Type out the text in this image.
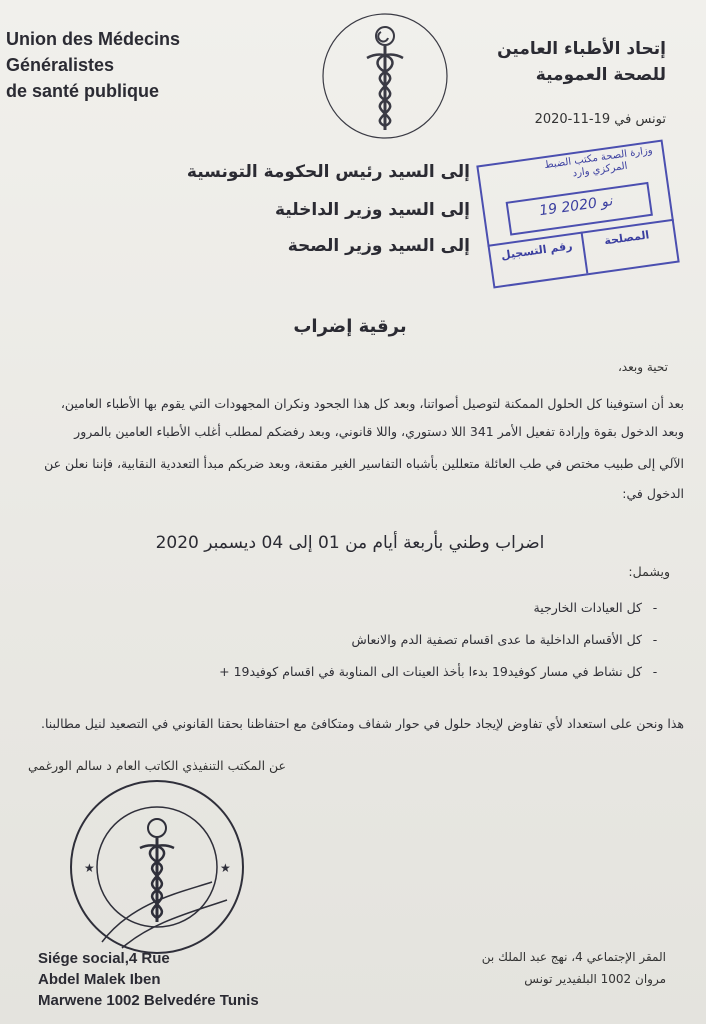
Union des Médecins
Généralistes
de santé publique
إتحاد الأطباء العامين
للصحة العمومية
تونس في 19-11-2020
إلى السيد رئيس الحكومة التونسية
إلى السيد وزير الداخلية
إلى السيد وزير الصحة
وزارة الصحة مكتب الضبط المركزي وارد
19 نو 2020
المصلحة
رقم التسجيل
برقية إضراب
تحية وبعد،
بعد أن استوفينا كل الحلول الممكنة لتوصيل أصواتنا، وبعد كل هذا الجحود ونكران المجهودات التي يقوم بها الأطباء العامين،
وبعد الدخول بقوة وإرادة تفعيل الأمر 341 اللا دستوري، واللا قانوني، وبعد رفضكم لمطلب أغلب الأطباء العامين بالمرور
الآلي إلى طبيب مختص في طب العائلة متعللين بأشباه التفاسير الغير مقنعة، وبعد ضربكم مبدأ التعددية النقابية، فإننا نعلن عن
الدخول في:
اضراب وطني بأربعة أيام من 01 إلى 04 ديسمبر 2020
ويشمل:
-كل العيادات الخارجية
-كل الأقسام الداخلية ما عدى اقسام تصفية الدم والانعاش
-كل نشاط في مسار كوفيد19 بدءا بأخذ العينات الى المناوبة في اقسام كوفيد19 +
هذا ونحن على استعداد لأي تفاوض لإيجاد حلول في حوار شفاف ومتكافئ مع احتفاظنا بحقنا القانوني في التصعيد لنيل مطالبنا.
عن المكتب التنفيذي الكاتب العام د سالم الورغمي
★	★
Siége social,4 Rue
Abdel Malek Iben
Marwene 1002 Belvedére Tunis
المقر الإجتماعي 4، نهج عبد الملك بن
مروان 1002 البلفيدير تونس
